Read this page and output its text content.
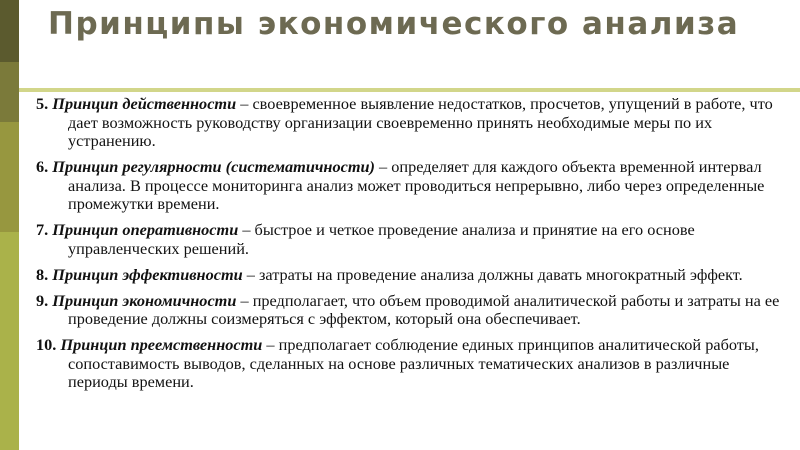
Принципы экономического анализа
5. Принцип действенности – своевременное выявление недостатков, просчетов, упущений в работе, что дает возможность руководству организации своевременно принять необходимые меры по их устранению.
6. Принцип регулярности (систематичности) – определяет для каждого объекта временной интервал анализа. В процессе мониторинга анализ может проводиться непрерывно, либо через определенные промежутки времени.
7. Принцип оперативности – быстрое и четкое проведение анализа и принятие на его основе управленческих решений.
8. Принцип эффективности – затраты на проведение анализа должны давать многократный эффект.
9. Принцип экономичности – предполагает, что объем проводимой аналитической работы и затраты на ее проведение должны соизмеряться с эффектом, который она обеспечивает.
10. Принцип преемственности – предполагает соблюдение единых принципов аналитической работы, сопоставимость выводов, сделанных на основе различных тематических анализов в различные периоды времени.
